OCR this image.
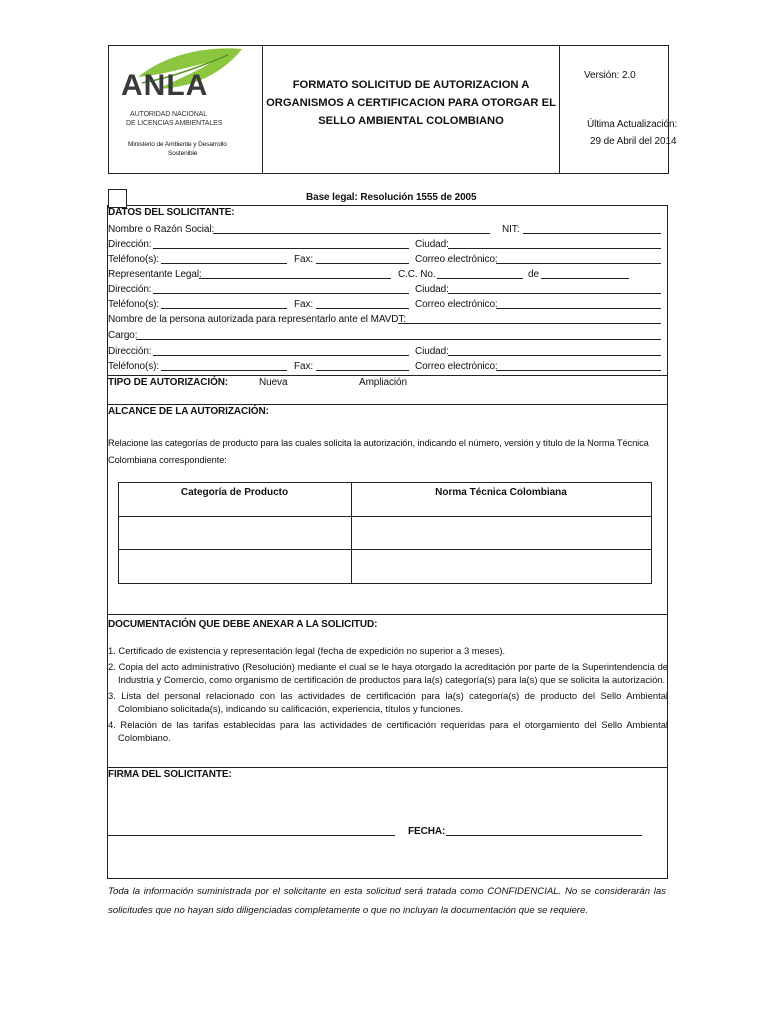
ANLA
AUTORIDAD NACIONAL
DE LICENCIAS AMBIENTALES
Ministerio de Ambiente y Desarrollo
Sostenible
FORMATO SOLICITUD DE AUTORIZACION A
ORGANISMOS A CERTIFICACION PARA OTORGAR EL
SELLO AMBIENTAL COLOMBIANO
Versión: 2.0
Última Actualización:
29 de Abril del 2014
Base legal: Resolución 1555 de 2005
DATOS DEL SOLICITANTE:
Nombre o Razón Social:	NIT:
Dirección:	Ciudad:
Teléfono(s):	Fax:	Correo electrónico:
Representante Legal:	C.C. No.	de
Dirección:	Ciudad:
Teléfono(s):	Fax:	Correo electrónico:
Nombre de la persona autorizada para representarlo ante el MAVDT:
Cargo:
Dirección:	Ciudad:
Teléfono(s):	Fax:	Correo electrónico:
TIPO DE AUTORIZACIÓN:	Nueva	Ampliación
ALCANCE DE LA AUTORIZACIÓN:
Relacione las categorías de producto para las cuales solicita la autorización, indicando el número, versión y título de la Norma Técnica
Colombiana correspondiente:
Categoría de Producto	Norma Técnica Colombiana
DOCUMENTACIÓN QUE DEBE ANEXAR A LA SOLICITUD:
1. Certificado de existencia y representación legal (fecha de expedición no superior a 3 meses).
2. Copia del acto administrativo (Resolución) mediante el cual se le haya otorgado la acreditación por parte de la Superintendencia de Industria y Comercio, como organismo de certificación de productos para la(s) categoría(s) para la(s) que se solicita la autorización.
3. Lista del personal relacionado con las actividades de certificación para la(s) categoría(s) de producto del Sello Ambiental Colombiano solicitada(s), indicando su calificación, experiencia, títulos y funciones.
4. Relación de las tarifas establecidas para las actividades de certificación requeridas para el otorgamiento del Sello Ambiental Colombiano.
FIRMA DEL SOLICITANTE:
FECHA:
Toda la información suministrada por el solicitante en esta solicitud será tratada como CONFIDENCIAL. No se considerarán las solicitudes que no hayan sido diligenciadas completamente o que no incluyan la documentación que se requiere.
